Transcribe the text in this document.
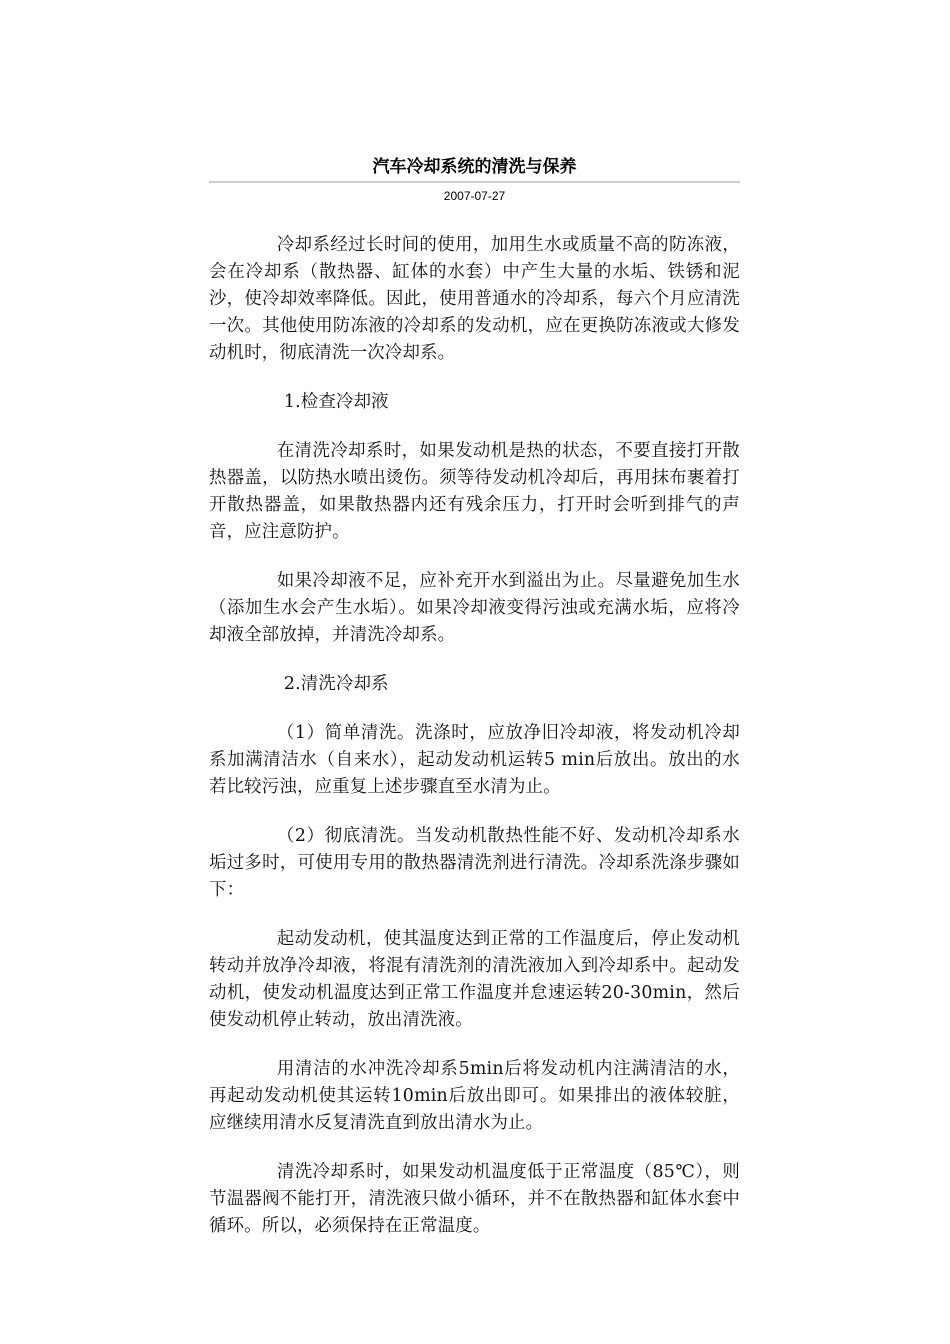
汽车冷却系统的清洗与保养
2007-07-27

冷却系经过长时间的使用，加用生水或质量不高的防冻液，会在冷却系（散热器、缸体的水套）中产生大量的水垢、铁锈和泥沙，使冷却效率降低。因此，使用普通水的冷却系，每六个月应清洗一次。其他使用防冻液的冷却系的发动机，应在更换防冻液或大修发动机时，彻底清洗一次冷却系。

1.检查冷却液

在清洗冷却系时，如果发动机是热的状态，不要直接打开散热器盖，以防热水喷出烫伤。须等待发动机冷却后，再用抹布裹着打开散热器盖，如果散热器内还有残余压力，打开时会听到排气的声音，应注意防护。

如果冷却液不足，应补充开水到溢出为止。尽量避免加生水（添加生水会产生水垢）。如果冷却液变得污浊或充满水垢，应将冷却液全部放掉，并清洗冷却系。

2.清洗冷却系

（1）简单清洗。洗涤时，应放净旧冷却液，将发动机冷却系加满清洁水（自来水），起动发动机运转5 min后放出。放出的水若比较污浊，应重复上述步骤直至水清为止。

（2）彻底清洗。当发动机散热性能不好、发动机冷却系水垢过多时，可使用专用的散热器清洗剂进行清洗。冷却系洗涤步骤如下：

起动发动机，使其温度达到正常的工作温度后，停止发动机转动并放净冷却液，将混有清洗剂的清洗液加入到冷却系中。起动发动机，使发动机温度达到正常工作温度并怠速运转20-30min，然后使发动机停止转动，放出清洗液。

用清洁的水冲洗冷却系5min后将发动机内注满清洁的水，再起动发动机使其运转10min后放出即可。如果排出的液体较脏，应继续用清水反复清洗直到放出清水为止。

清洗冷却系时，如果发动机温度低于正常温度（85℃），则节温器阀不能打开，清洗液只做小循环，并不在散热器和缸体水套中循环。所以，必须保持在正常温度。
